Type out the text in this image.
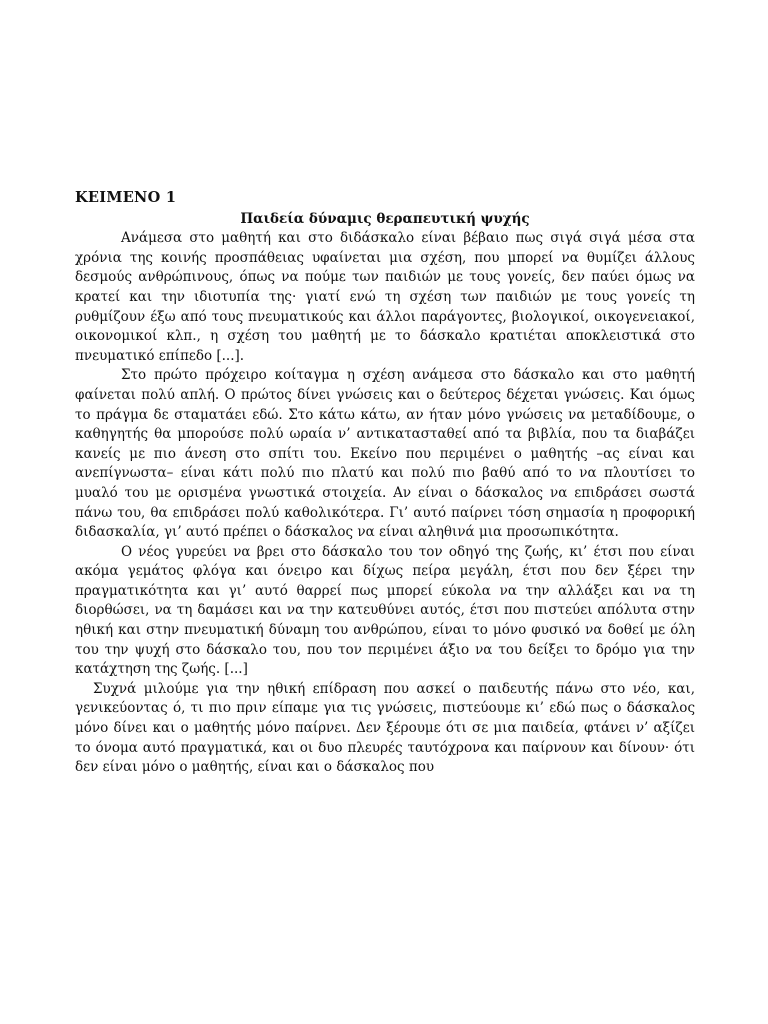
ΚΕΙΜΕΝΟ 1
Παιδεία δύναμις θεραπευτική ψυχής

Ανάμεσα στο μαθητή και στο διδάσκαλο είναι βέβαιο πως σιγά σιγά μέσα στα χρόνια της κοινής προσπάθειας υφαίνεται μια σχέση, που μπορεί να θυμίζει άλλους δεσμούς ανθρώπινους, όπως να πούμε των παιδιών με τους γονείς, δεν παύει όμως να κρατεί και την ιδιοτυπία της· γιατί ενώ τη σχέση των παιδιών με τους γονείς τη ρυθμίζουν έξω από τους πνευματικούς και άλλοι παράγοντες, βιολογικοί, οικογενειακοί, οικονομικοί κλπ., η σχέση του μαθητή με το δάσκαλο κρατιέται αποκλειστικά στο πνευματικό επίπεδο [...].

Στο πρώτο πρόχειρο κοίταγμα η σχέση ανάμεσα στο δάσκαλο και στο μαθητή φαίνεται πολύ απλή. Ο πρώτος δίνει γνώσεις και ο δεύτερος δέχεται γνώσεις. Και όμως το πράγμα δε σταματάει εδώ. Στο κάτω κάτω, αν ήταν μόνο γνώσεις να μεταδίδουμε, ο καθηγητής θα μπορούσε πολύ ωραία ν’ αντικατασταθεί από τα βιβλία, που τα διαβάζει κανείς με πιο άνεση στο σπίτι του. Εκείνο που περιμένει ο μαθητής –ας είναι και ανεπίγνωστα– είναι κάτι πολύ πιο πλατύ και πολύ πιο βαθύ από το να πλουτίσει το μυαλό του με ορισμένα γνωστικά στοιχεία. Αν είναι ο δάσκαλος να επιδράσει σωστά πάνω του, θα επιδράσει πολύ καθολικότερα. Γι’ αυτό παίρνει τόση σημασία η προφορική διδασκαλία, γι’ αυτό πρέπει ο δάσκαλος να είναι αληθινά μια προσωπικότητα.

Ο νέος γυρεύει να βρει στο δάσκαλο του τον οδηγό της ζωής, κι’ έτσι που είναι ακόμα γεμάτος φλόγα και όνειρο και δίχως πείρα μεγάλη, έτσι που δεν ξέρει την πραγματικότητα και γι’ αυτό θαρρεί πως μπορεί εύκολα να την αλλάξει και να τη διορθώσει, να τη δαμάσει και να την κατευθύνει αυτός, έτσι που πιστεύει απόλυτα στην ηθική και στην πνευματική δύναμη του ανθρώπου, είναι το μόνο φυσικό να δοθεί με όλη του την ψυχή στο δάσκαλο του, που τον περιμένει άξιο να του δείξει το δρόμο για την κατάχτηση της ζωής. [...]

Συχνά μιλούμε για την ηθική επίδραση που ασκεί ο παιδευτής πάνω στο νέο, και, γενικεύοντας ό, τι πιο πριν είπαμε για τις γνώσεις, πιστεύουμε κι’ εδώ πως ο δάσκαλος μόνο δίνει και ο μαθητής μόνο παίρνει. Δεν ξέρουμε ότι σε μια παιδεία, φτάνει ν’ αξίζει το όνομα αυτό πραγματικά, και οι δυο πλευρές ταυτόχρονα και παίρνουν και δίνουν· ότι δεν είναι μόνο ο μαθητής, είναι και ο δάσκαλος που
